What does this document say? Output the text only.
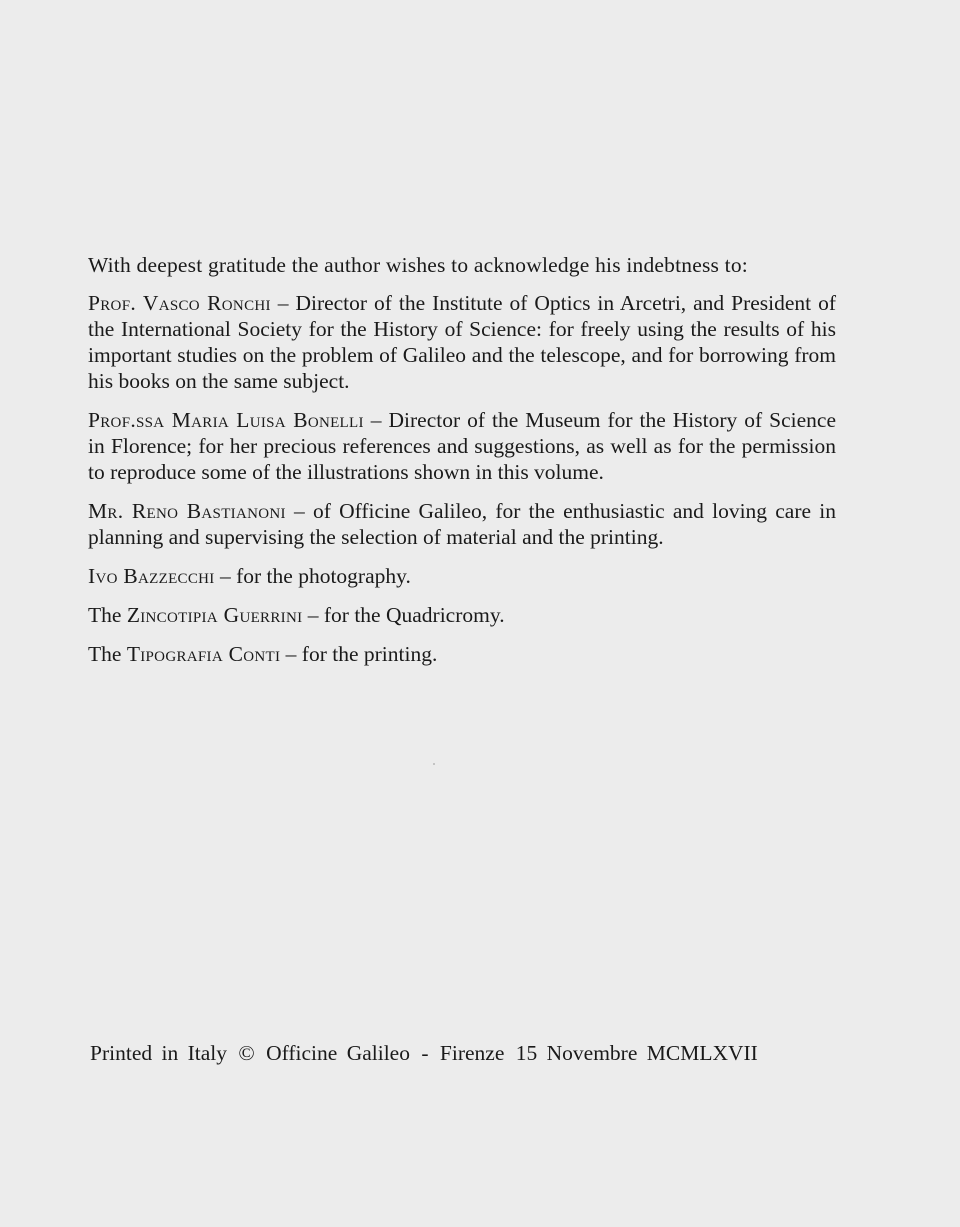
With deepest gratitude the author wishes to acknowledge his indebtness to:

Prof. Vasco Ronchi – Director of the Institute of Optics in Arcetri, and President of the International Society for the History of Science: for freely using the results of his important studies on the problem of Galileo and the telescope, and for borrowing from his books on the same subject.

Prof.ssa Maria Luisa Bonelli – Director of the Museum for the History of Science in Florence; for her precious references and suggestions, as well as for the permission to reproduce some of the illustrations shown in this volume.

Mr. Reno Bastianoni – of Officine Galileo, for the enthusiastic and loving care in planning and supervising the selection of material and the printing.

Ivo Bazzecchi – for the photography.

The Zincotipia Guerrini – for the Quadricromy.

The Tipografia Conti – for the printing.

Printed in Italy © Officine Galileo - Firenze 15 Novembre MCMLXVII
